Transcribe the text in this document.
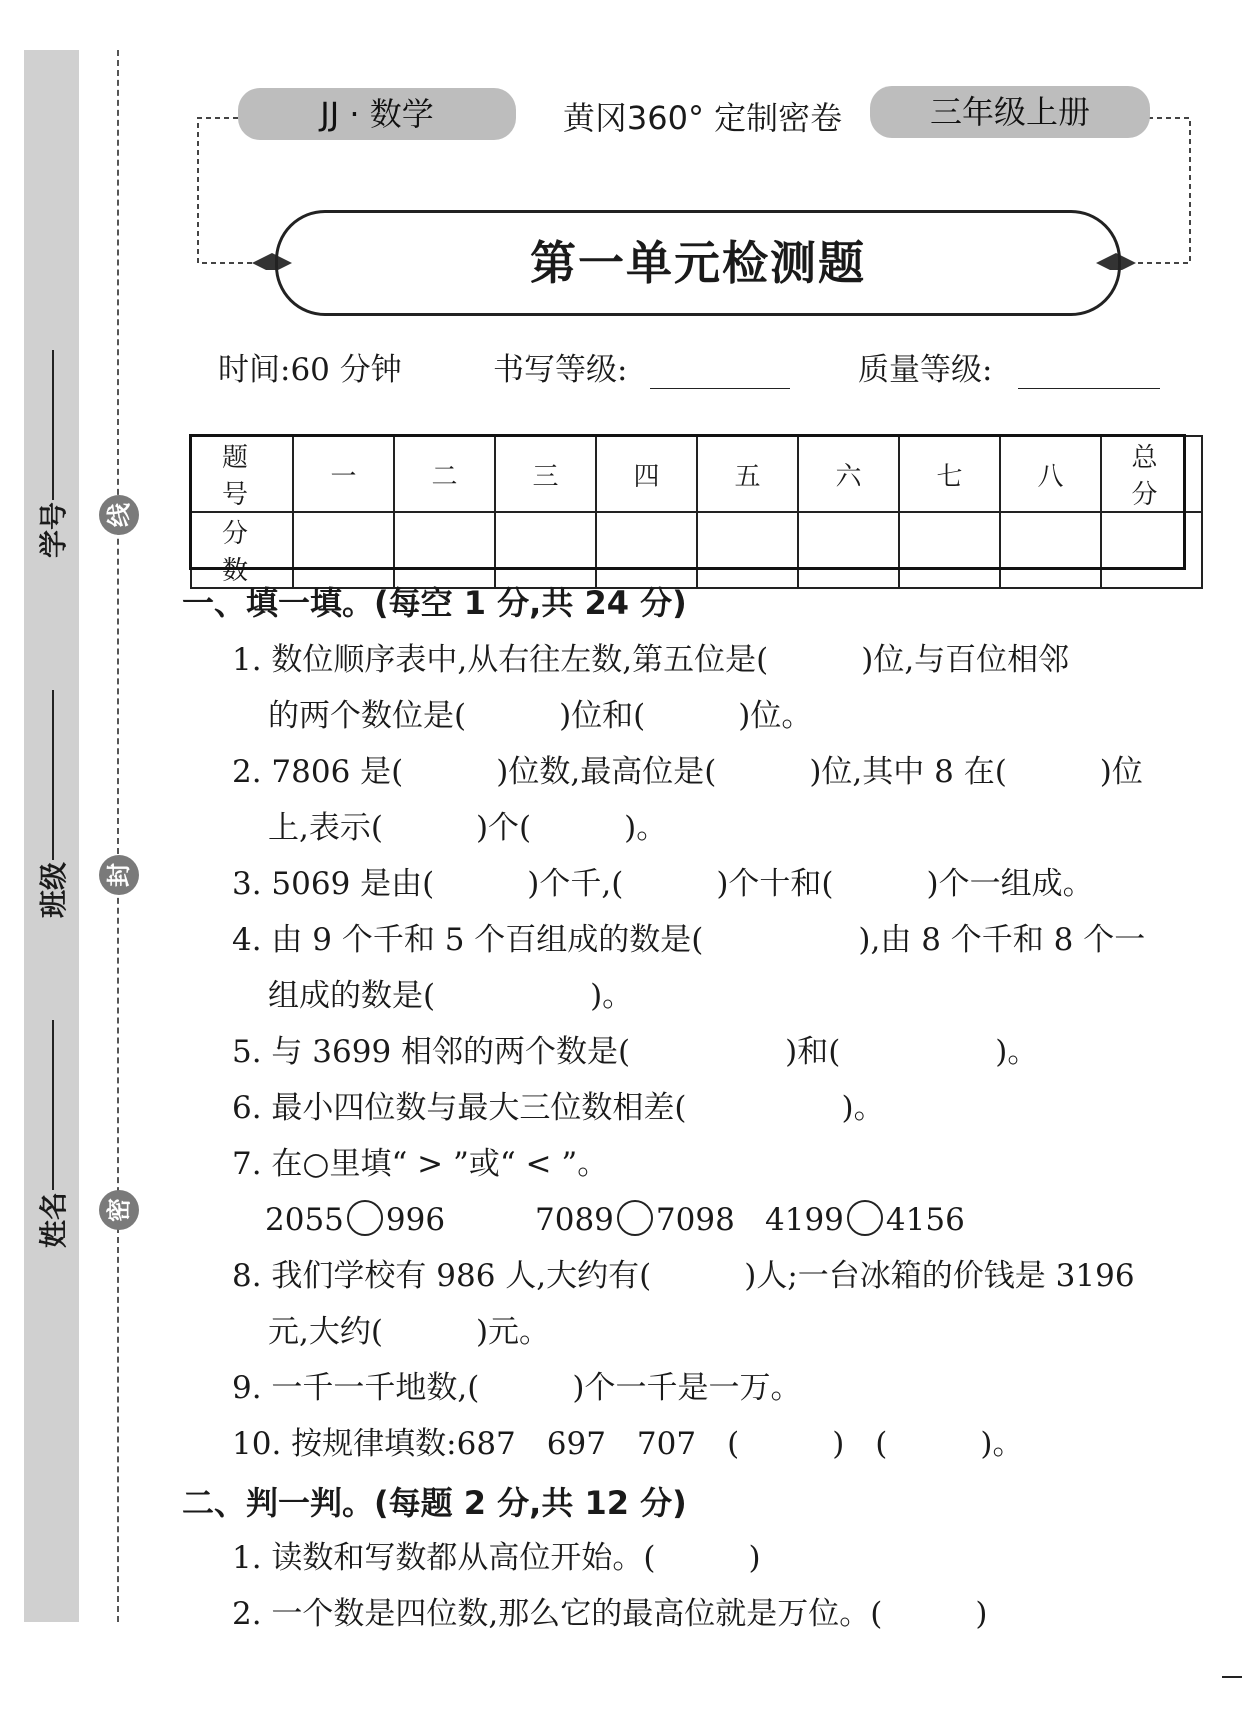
学号
班级
姓名
线
封
密
JJ · 数学	黄冈360° 定制密卷	三年级上册
第一单元检测题
时间:60 分钟	书写等级:	质量等级:
题 号	一	二	三	四	五	六	七	八	总 分
分 数									
一、填一填。(每空 1 分,共 24 分)
1. 数位顺序表中,从右往左数,第五位是(　　　)位,与百位相邻
的两个数位是(　　　)位和(　　　)位。
2. 7806 是(　　　)位数,最高位是(　　　)位,其中 8 在(　　　)位
上,表示(　　　)个(　　　)。
3. 5069 是由(　　　)个千,(　　　)个十和(　　　)个一组成。
4. 由 9 个千和 5 个百组成的数是(　　　　　),由 8 个千和 8 个一
组成的数是(　　　　　)。
5. 与 3699 相邻的两个数是(　　　　　)和(　　　　　)。
6. 最小四位数与最大三位数相差(　　　　　)。
7. 在○里填“ > ”或“ < ”。
2055 996	7089 7098 4199 4156
8. 我们学校有 986 人,大约有(　　　)人;一台冰箱的价钱是 3196
元,大约(　　　)元。
9. 一千一千地数,(　　　)个一千是一万。
10. 按规律填数:687　697　707　(　　　)　(　　　)。
二、判一判。(每题 2 分,共 12 分)
1. 读数和写数都从高位开始。(　　　)
2. 一个数是四位数,那么它的最高位就是万位。(　　　)
